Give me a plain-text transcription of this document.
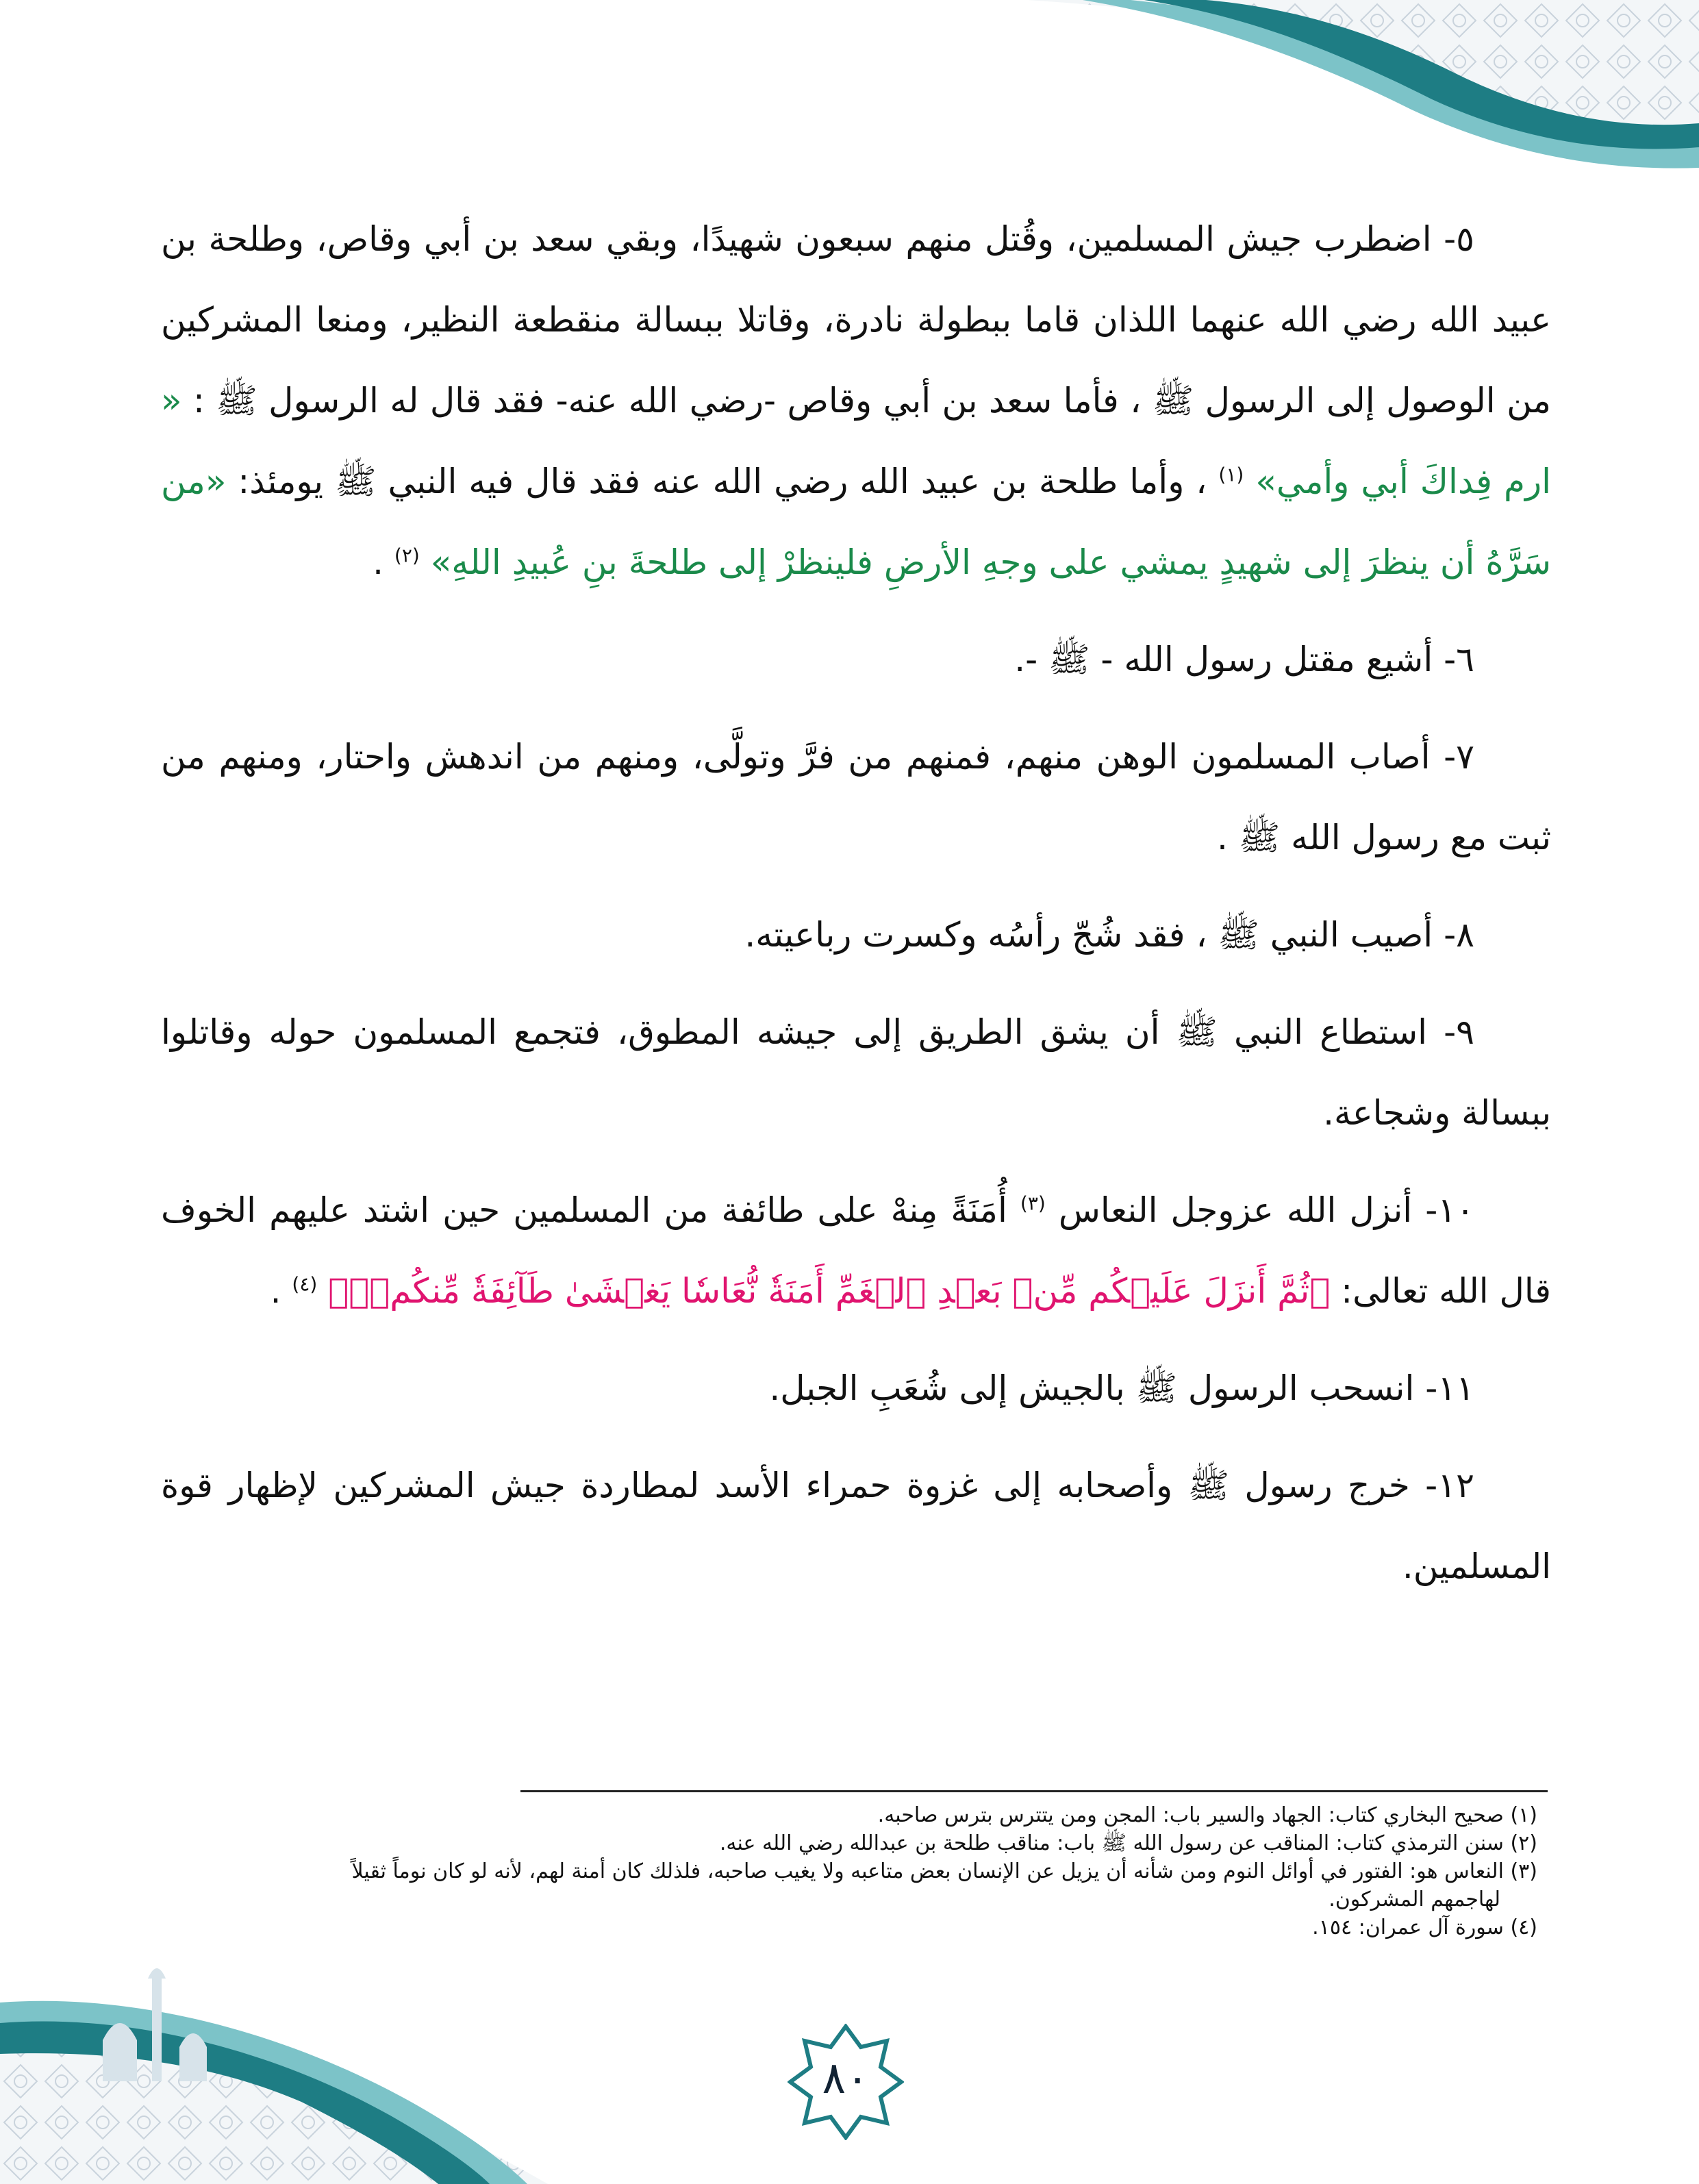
٥- اضطرب جيش المسلمين، وقُتل منهم سبعون شهيدًا، وبقي سعد بن أبي وقاص، وطلحة بن عبيد الله رضي الله عنهما اللذان قاما ببطولة نادرة، وقاتلا ببسالة منقطعة النظير، ومنعا المشركين من الوصول إلى الرسول ﷺ ، فأما سعد بن أبي وقاص -رضي الله عنه- فقد قال له الرسول ﷺ : « ارم فِداكَ أبي وأمي» $^{(١)}$ ، وأما طلحة بن عبيد الله رضي الله عنه فقد قال فيه النبي ﷺ يومئذ: «من سَرَّهُ أن ينظرَ إلى شهيدٍ يمشي على وجهِ الأرضِ فلينظرْ إلى طلحةَ بنِ عُبيدِ اللهِ» $^{(٢)}$ .

٦- أشيع مقتل رسول الله - ﷺ -.

٧- أصاب المسلمون الوهن منهم، فمنهم من فرَّ وتولَّى، ومنهم من اندهش واحتار، ومنهم من ثبت مع رسول الله ﷺ .

٨- أصيب النبي ﷺ ، فقد شُجّ رأسُه وكسرت رباعيته.

٩- استطاع النبي ﷺ أن يشق الطريق إلى جيشه المطوق، فتجمع المسلمون حوله وقاتلوا ببسالة وشجاعة.

١٠- أنزل الله عزوجل النعاس $^{(٣)}$ أُمَنَةً مِنهْ على طائفة من المسلمين حين اشتد عليهم الخوف قال الله تعالى: ﴿ثُمَّ أَنزَلَ عَلَيۡكُم مِّنۢ بَعۡدِ ٱلۡغَمِّ أَمَنَةٗ نُّعَاسٗا يَغۡشَىٰ طَآئِفَةٗ مِّنكُمۡۖ﴾ $^{(٤)}$ .

١١- انسحب الرسول ﷺ بالجيش إلى شُعَبِ الجبل.

١٢- خرج رسول ﷺ وأصحابه إلى غزوة حمراء الأسد لمطاردة جيش المشركين لإظهار قوة المسلمين.

(١) صحيح البخاري كتاب: الجهاد والسير باب: المجن ومن يتترس بترس صاحبه.

(٢) سنن الترمذي كتاب: المناقب عن رسول الله ﷺ باب: مناقب طلحة بن عبدالله رضي الله عنه.

(٣) النعاس هو: الفتور في أوائل النوم ومن شأنه أن يزيل عن الإنسان بعض متاعبه ولا يغيب صاحبه، فلذلك كان أمنة لهم، لأنه لو كان نوماً ثقيلاً

لهاجمهم المشركون.

(٤) سورة آل عمران: ١٥٤.

٨٠
